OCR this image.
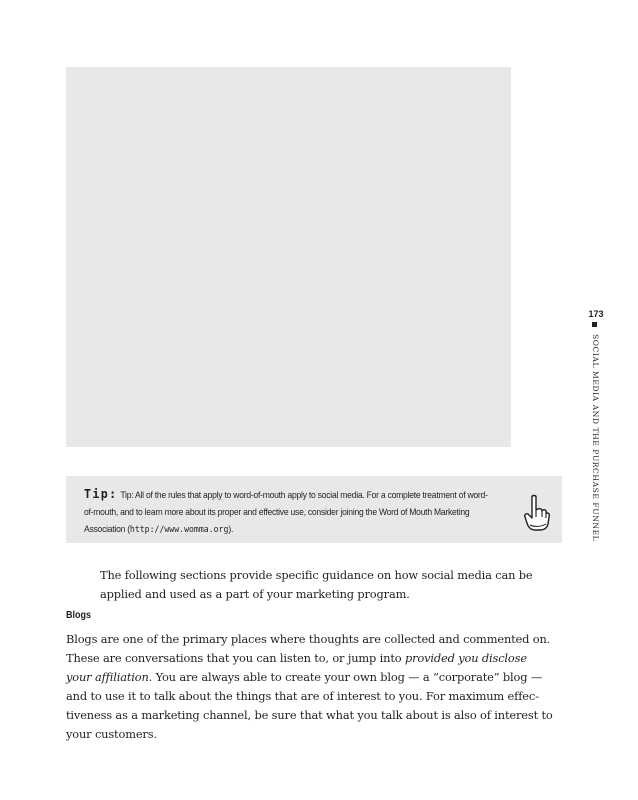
Tip: Tip: All of the rules that apply to word-of-mouth apply to social media. For a complete treatment of word-
of-mouth, and to learn more about its proper and effective use, consider joining the Word of Mouth Marketing
Association (http://www.womma.org).
173
SOCIAL MEDIA AND THE PURCHASE FUNNEL

The following sections provide specific guidance on how social media can be
applied and used as a part of your marketing program.

Blogs

Blogs are one of the primary places where thoughts are collected and commented on.
These are conversations that you can listen to, or jump into provided you disclose
your affiliation. You are always able to create your own blog — a “corporate” blog —
and to use it to talk about the things that are of interest to you. For maximum effec-
tiveness as a marketing channel, be sure that what you talk about is also of interest to
your customers.
